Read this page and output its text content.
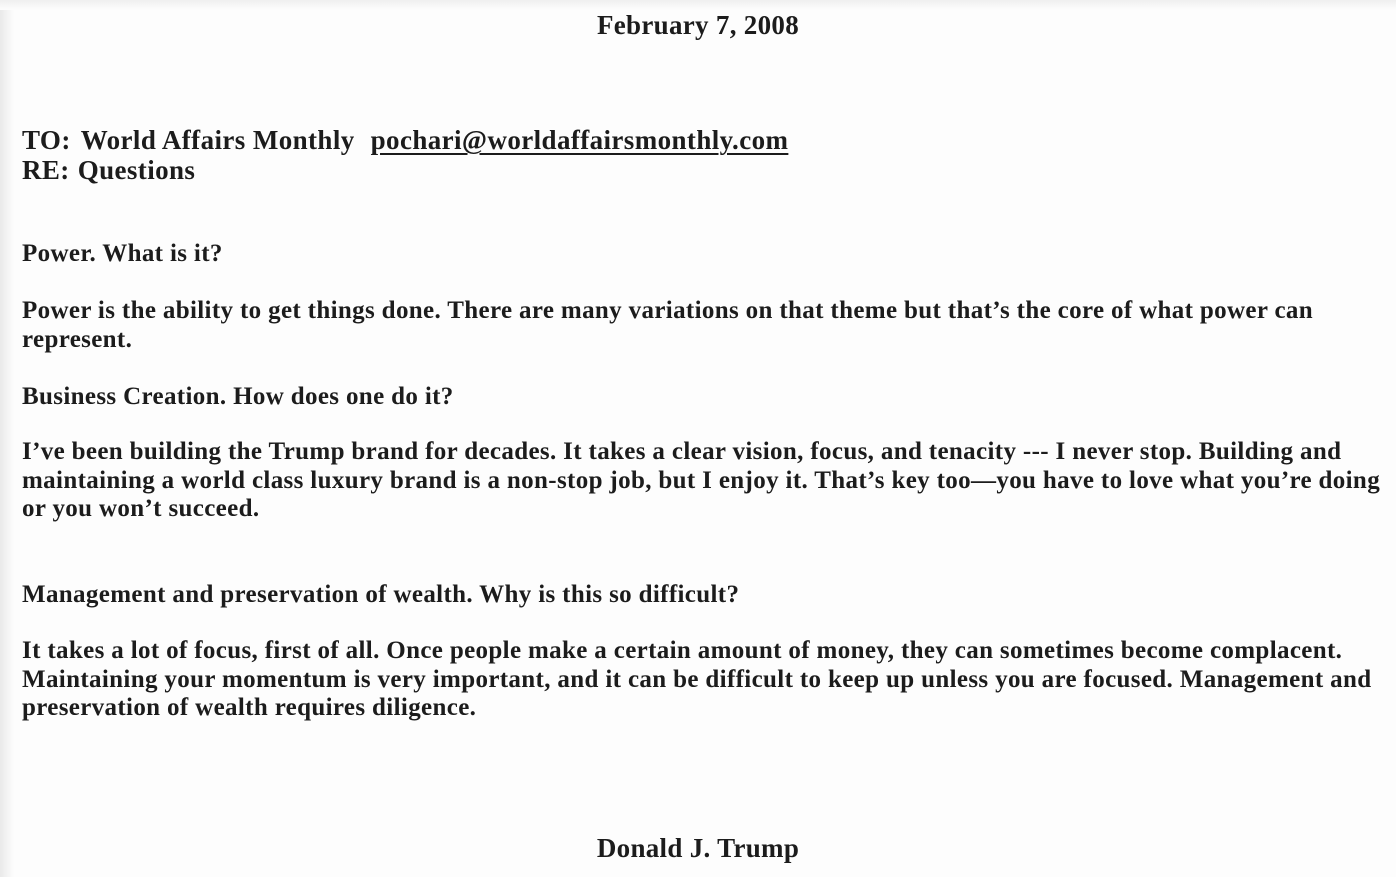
February 7, 2008
TO: World Affairs Monthly pochari@worldaffairsmonthly.com
RE: Questions
Power. What is it?
Power is the ability to get things done. There are many variations on that theme but that’s the core of what power can represent.
Business Creation. How does one do it?
I’ve been building the Trump brand for decades. It takes a clear vision, focus, and tenacity --- I never stop. Building and maintaining a world class luxury brand is a non-stop job, but I enjoy it. That’s key too—you have to love what you’re doing or you won’t succeed.
Management and preservation of wealth. Why is this so difficult?
It takes a lot of focus, first of all. Once people make a certain amount of money, they can sometimes become complacent. Maintaining your momentum is very important, and it can be difficult to keep up unless you are focused. Management and preservation of wealth requires diligence.
Donald J. Trump
